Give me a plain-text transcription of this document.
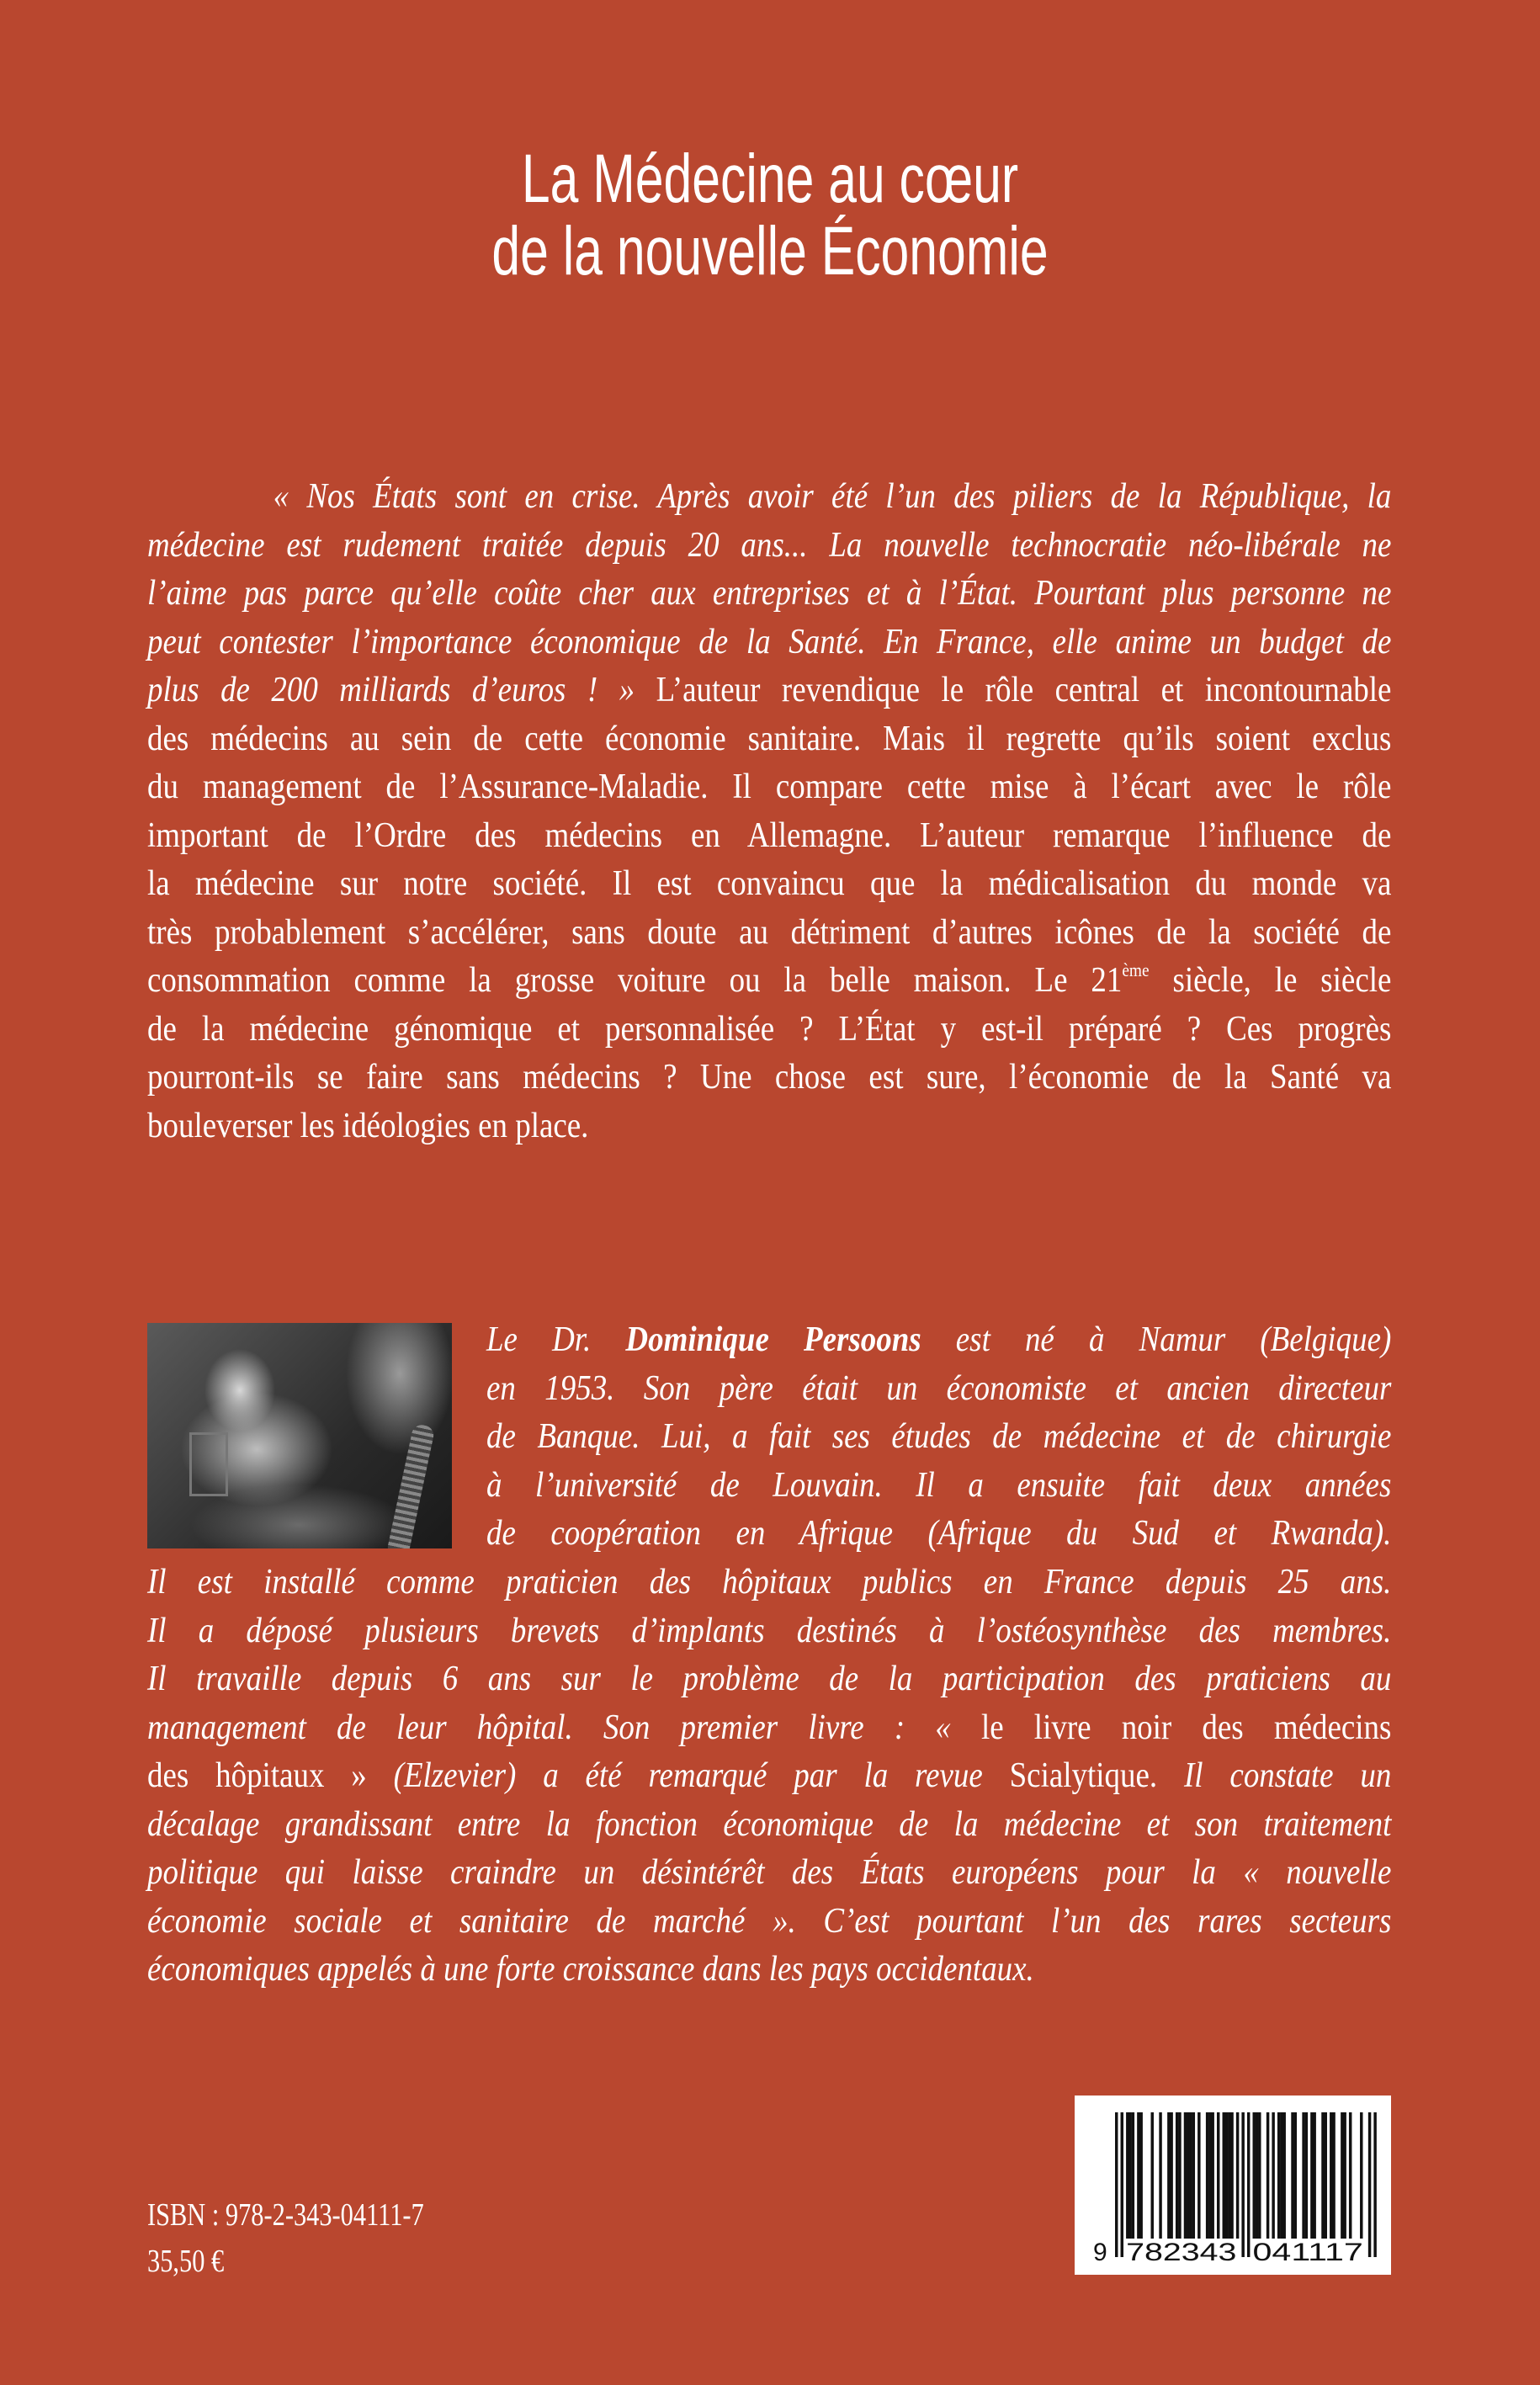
La Médecine au cœur
de la nouvelle Économie
« Nos États sont en crise. Après avoir été l’un des piliers de la République, la
médecine est rudement traitée depuis 20 ans... La nouvelle technocratie néo-libérale ne
l’aime pas parce qu’elle coûte cher aux entreprises et à l’État. Pourtant plus personne ne
peut contester l’importance économique de la Santé. En France, elle anime un budget de
plus de 200 milliards d’euros ! » L’auteur revendique le rôle central et incontournable
des médecins au sein de cette économie sanitaire. Mais il regrette qu’ils soient exclus
du management de l’Assurance-Maladie. Il compare cette mise à l’écart avec le rôle
important de l’Ordre des médecins en Allemagne. L’auteur remarque l’influence de
la médecine sur notre société. Il est convaincu que la médicalisation du monde va
très probablement s’accélérer, sans doute au détriment d’autres icônes de la société de
consommation comme la grosse voiture ou la belle maison. Le 21ème siècle, le siècle
de la médecine génomique et personnalisée ? L’État y est-il préparé ? Ces progrès
pourront-ils se faire sans médecins ? Une chose est sure, l’économie de la Santé va
bouleverser les idéologies en place.
Le Dr. Dominique Persoons est né à Namur (Belgique)
en 1953. Son père était un économiste et ancien directeur
de Banque. Lui, a fait ses études de médecine et de chirurgie
à l’université de Louvain. Il a ensuite fait deux années
de coopération en Afrique (Afrique du Sud et Rwanda).
Il est installé comme praticien des hôpitaux publics en France depuis 25 ans.
Il a déposé plusieurs brevets d’implants destinés à l’ostéosynthèse des membres.
Il travaille depuis 6 ans sur le problème de la participation des praticiens au
management de leur hôpital. Son premier livre : « le livre noir des médecins
des hôpitaux » (Elzevier) a été remarqué par la revue Scialytique. Il constate un
décalage grandissant entre la fonction économique de la médecine et son traitement
politique qui laisse craindre un désintérêt des États européens pour la « nouvelle
économie sociale et sanitaire de marché ». C’est pourtant l’un des rares secteurs
économiques appelés à une forte croissance dans les pays occidentaux.
ISBN : 978-2-343-04111-7
35,50 €	9 782343 041117
